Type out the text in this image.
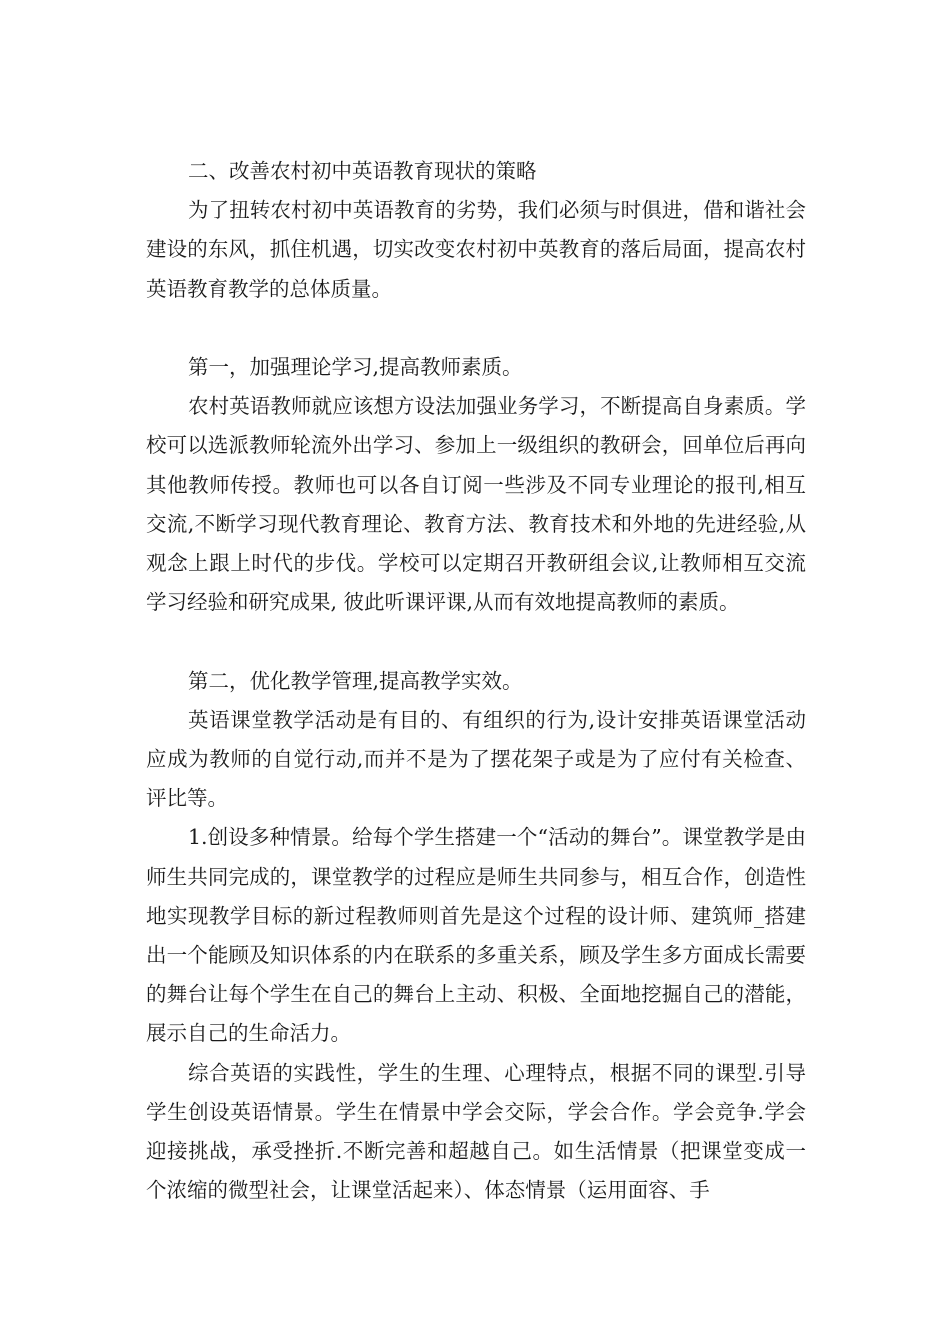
二、改善农村初中英语教育现状的策略

为了扭转农村初中英语教育的劣势，我们必须与时俱进，借和谐社会建设的东风，抓住机遇，切实改变农村初中英教育的落后局面，提高农村英语教育教学的总体质量。

第一，加强理论学习,提高教师素质。

农村英语教师就应该想方设法加强业务学习，不断提高自身素质。学校可以选派教师轮流外出学习、参加上一级组织的教研会，回单位后再向其他教师传授。教师也可以各自订阅一些涉及不同专业理论的报刊,相互交流,不断学习现代教育理论、教育方法、教育技术和外地的先进经验,从观念上跟上时代的步伐。学校可以定期召开教研组会议,让教师相互交流学习经验和研究成果, 彼此听课评课,从而有效地提高教师的素质。

第二，优化教学管理,提高教学实效。

英语课堂教学活动是有目的、有组织的行为,设计安排英语课堂活动应成为教师的自觉行动,而并不是为了摆花架子或是为了应付有关检查、评比等。

1.创设多种情景。给每个学生搭建一个“活动的舞台”。课堂教学是由师生共同完成的，课堂教学的过程应是师生共同参与，相互合作，创造性地实现教学目标的新过程教师则首先是这个过程的设计师、建筑师_搭建出一个能顾及知识体系的内在联系的多重关系，顾及学生多方面成长需要的舞台让每个学生在自己的舞台上主动、积极、全面地挖掘自己的潜能，展示自己的生命活力。

综合英语的实践性，学生的生理、心理特点，根据不同的课型.引导学生创设英语情景。学生在情景中学会交际，学会合作。学会竞争.学会迎接挑战，承受挫折.不断完善和超越自己。如生活情景（把课堂变成一个浓缩的微型社会，让课堂活起来）、体态情景（运用面容、手
